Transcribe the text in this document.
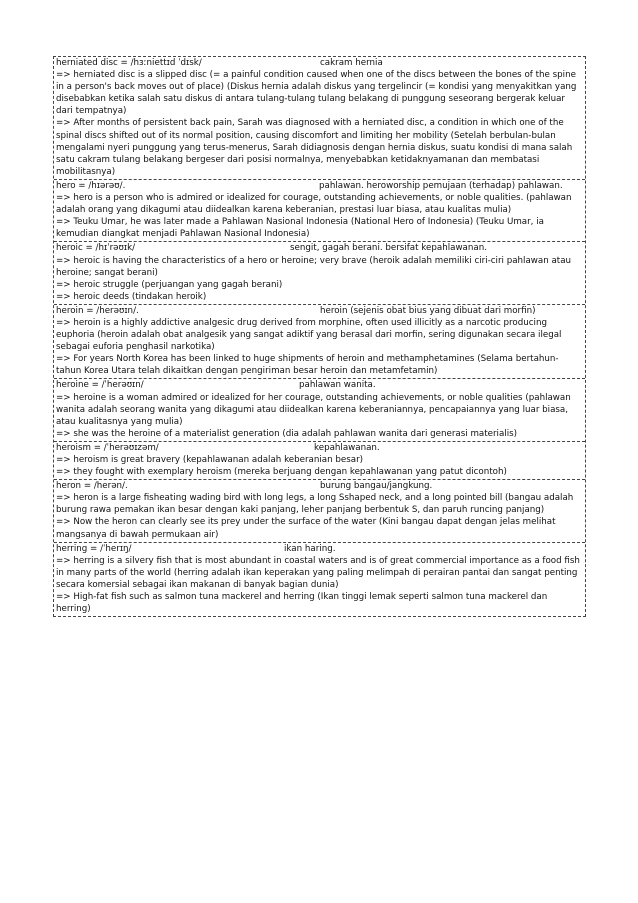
herniated disc = /hɜːniettɪd ˈdɪsk/	cakram hernia
=> herniated disc is a slipped disc (= a painful condition caused when one of the discs between the bones of the spine in a person's back moves out of place) (Diskus hernia adalah diskus yang tergelincir (= kondisi yang menyakitkan yang disebabkan ketika salah satu diskus di antara tulang-tulang tulang belakang di punggung seseorang bergerak keluar dari tempatnya)
=> After months of persistent back pain, Sarah was diagnosed with a herniated disc, a condition in which one of the spinal discs shifted out of its normal position, causing discomfort and limiting her mobility (Setelah berbulan-bulan mengalami nyeri punggung yang terus-menerus, Sarah didiagnosis dengan hernia diskus, suatu kondisi di mana salah satu cakram tulang belakang bergeser dari posisi normalnya, menyebabkan ketidaknyamanan dan membatasi mobilitasnya)
hero = /hɪərəʊ/.	pahlawan. heroworship pemujaan (terhadap) pahlawan.
=> hero is a person who is admired or idealized for courage, outstanding achievements, or noble qualities. (pahlawan adalah orang yang dikagumi atau diidealkan karena keberanian, prestasi luar biasa, atau kualitas mulia)
=> Teuku Umar, he was later made a Pahlawan Nasional Indonesia (National Hero of Indonesia) (Teuku Umar, ia kemudian diangkat menjadi Pahlawan Nasional Indonesia)
heroic = /hɪˈrəʊɪk/	sengit, gagah berani. bersifat kepahlawanan.
=> heroic is having the characteristics of a hero or heroine; very brave (heroik adalah memiliki ciri-ciri pahlawan atau heroine; sangat berani)
=> heroic struggle (perjuangan yang gagah berani)
=> heroic deeds (tindakan heroik)
heroin = /herəʊɪn/.	heroin (sejenis obat bius yang dibuat dari morfin)
=> heroin is a highly addictive analgesic drug derived from morphine, often used illicitly as a narcotic producing euphoria (heroin adalah obat analgesik yang sangat adiktif yang berasal dari morfin, sering digunakan secara ilegal sebagai euforia penghasil narkotika)
=> For years North Korea has been linked to huge shipments of heroin and methamphetamines (Selama bertahun-tahun Korea Utara telah dikaitkan dengan pengiriman besar heroin dan metamfetamin)
heroine = /ˈherəʊɪn/	pahlawan wanita.
=> heroine is a woman admired or idealized for her courage, outstanding achievements, or noble qualities (pahlawan wanita adalah seorang wanita yang dikagumi atau diidealkan karena keberaniannya, pencapaiannya yang luar biasa, atau kualitasnya yang mulia)
=> she was the heroine of a materialist generation (dia adalah pahlawan wanita dari generasi materialis)
heroism = /ˈherəʊɪzəm/	kepahlawanan.
=> heroism is great bravery (kepahlawanan adalah keberanian besar)
=> they fought with exemplary heroism (mereka berjuang dengan kepahlawanan yang patut dicontoh)
heron = /herən/.	burung bangau/jangkung.
=> heron is a large fisheating wading bird with long legs, a long Sshaped neck, and a long pointed bill (bangau adalah burung rawa pemakan ikan besar dengan kaki panjang, leher panjang berbentuk S, dan paruh runcing panjang)
=> Now the heron can clearly see its prey under the surface of the water (Kini bangau dapat dengan jelas melihat mangsanya di bawah permukaan air)
herring = /ˈherɪŋ/	ikan haring.
=> herring is a silvery fish that is most abundant in coastal waters and is of great commercial importance as a food fish in many parts of the world (herring adalah ikan keperakan yang paling melimpah di perairan pantai dan sangat penting secara komersial sebagai ikan makanan di banyak bagian dunia)
=> High-fat fish such as salmon tuna mackerel and herring (Ikan tinggi lemak seperti salmon tuna mackerel dan herring)
